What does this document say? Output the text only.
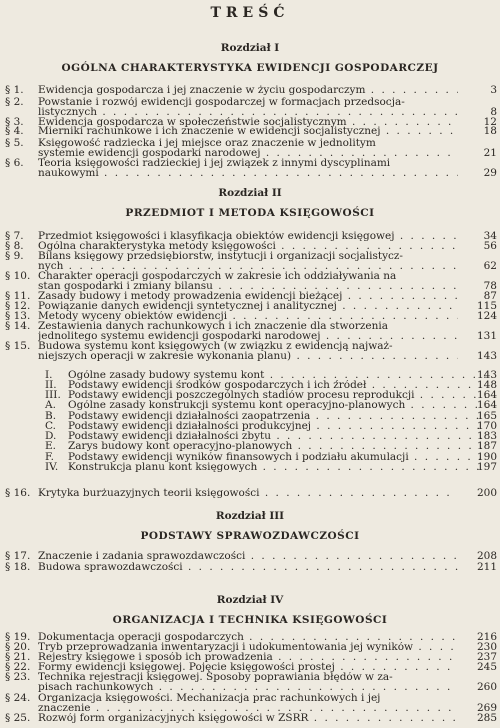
TREŚĆ
Rozdział I
OGÓLNA CHARAKTERYSTYKA EWIDENCJI GOSPODARCZEJ
§ 1. Ewidencja gospodarcza i jej znaczenie w życiu gospodarczym . . .	3
§ 2. Powstanie i rozwój ewidencji gospodarczej w formacjach przedsocja-
listycznych . . .	8
§ 3. Ewidencja gospodarcza w społeczeństwie socjalistycznym . . .	12
§ 4. Mierniki rachunkowe i ich znaczenie w ewidencji socjalistycznej . . .	18
§ 5. Księgowość radziecka i jej miejsce oraz znaczenie w jednolitym
systemie ewidencji gospodarki narodowej . . .	21
§ 6. Teoria księgowości radzieckiej i jej związek z innymi dyscyplinami
naukowymi . . .	29
Rozdział II
PRZEDMIOT I METODA KSIĘGOWOŚCI
§ 7. Przedmiot księgowości i klasyfikacja obiektów ewidencji księgowej . . .	34
§ 8. Ogólna charakterystyka metody księgowości . . .	56
§ 9. Bilans księgowy przedsiębiorstw, instytucji i organizacji socjalistycz-
nych . . .	62
§ 10. Charakter operacji gospodarczych w zakresie ich oddziaływania na
stan gospodarki i zmiany bilansu . . .	78
§ 11. Zasady budowy i metody prowadzenia ewidencji bieżącej . . .	87
§ 12. Powiązanie danych ewidencji syntetycznej i analitycznej . . .	115
§ 13. Metody wyceny obiektów ewidencji . . .	124
§ 14. Zestawienia danych rachunkowych i ich znaczenie dla stworzenia
jednolitego systemu ewidencji gospodarki narodowej . . .	131
§ 15. Budowa systemu kont księgowych (w związku z ewidencją najważ-
niejszych operacji w zakresie wykonania planu) . . .	143
I. Ogólne zasady budowy systemu kont . . .	143
II. Podstawy ewidencji środków gospodarczych i ich źródeł . . .	148
III. Podstawy ewidencji poszczególnych stadiów procesu reprodukcji . . .	164
A. Ogólne zasady konstrukcji systemu kont operacyjno-planowych . . .	164
B. Podstawy ewidencji działalności zaopatrzenia . . .	165
C. Podstawy ewidencji działalności produkcyjnej . . .	170
D. Podstawy ewidencji działalności zbytu . . .	183
E. Zarys budowy kont operacyjno-planowych . . .	187
F. Podstawy ewidencji wyników finansowych i podziału akumulacji . . .	190
IV. Konstrukcja planu kont księgowych . . .	197
§ 16. Krytyka burżuazyjnych teorii księgowości . . .	200
Rozdział III
PODSTAWY SPRAWOZDAWCZOŚCI
§ 17. Znaczenie i zadania sprawozdawczości . . .	208
§ 18. Budowa sprawozdawczości . . .	211
Rozdział IV
ORGANIZACJA I TECHNIKA KSIĘGOWOŚCI
§ 19. Dokumentacja operacji gospodarczych . . .	216
§ 20. Tryb przeprowadzania inwentaryzacji i udokumentowania jej wyników . . .	230
§ 21. Rejestry księgowe i sposób ich prowadzenia . . .	237
§ 22. Formy ewidencji księgowej. Pojęcie księgowości prostej . . .	245
§ 23. Technika rejestracji księgowej. Sposoby poprawiania błędów w za-
pisach rachunkowych . . .	260
§ 24. Organizacja księgowości. Mechanizacja prac rachunkowych i jej
znaczenie . . .	269
§ 25. Rozwój form organizacyjnych księgowości w ZSRR . . .	285
